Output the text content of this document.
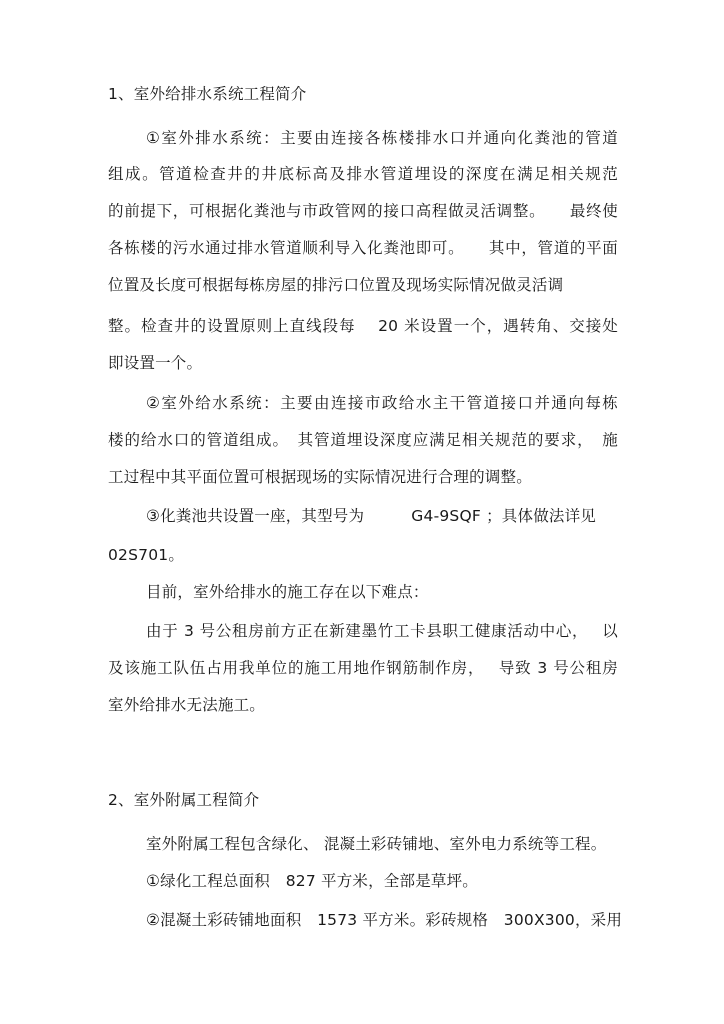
1、室外给排水系统工程简介
①室外排水系统：主要由连接各栋楼排水口并通向化粪池的管道
组成。管道检查井的井底标高及排水管道埋设的深度在满足相关规范
的前提下，可根据化粪池与市政管网的接口高程做灵活调整。　　最终使
各栋楼的污水通过排水管道顺利导入化粪池即可。　　其中，管道的平面
位置及长度可根据每栋房屋的排污口位置及现场实际情况做灵活调
整。检查井的设置原则上直线段每　 20 米设置一个，遇转角、交接处
即设置一个。
②室外给水系统：主要由连接市政给水主干管道接口并通向每栋
楼的给水口的管道组成。　其管道埋设深度应满足相关规范的要求，　施
工过程中其平面位置可根据现场的实际情况进行合理的调整。
③化粪池共设置一座，其型号为　　　G4-9SQF ；具体做法详见
02S701。
目前，室外给排水的施工存在以下难点：
由于 3 号公租房前方正在新建墨竹工卡县职工健康活动中心，　 以
及该施工队伍占用我单位的施工用地作钢筋制作房，　 导致 3 号公租房
室外给排水无法施工。
2、室外附属工程简介
室外附属工程包含绿化、 混凝土彩砖铺地、室外电力系统等工程。
①绿化工程总面积　827 平方米，全部是草坪。
②混凝土彩砖铺地面积　1573 平方米。彩砖规格　300X300，采用
